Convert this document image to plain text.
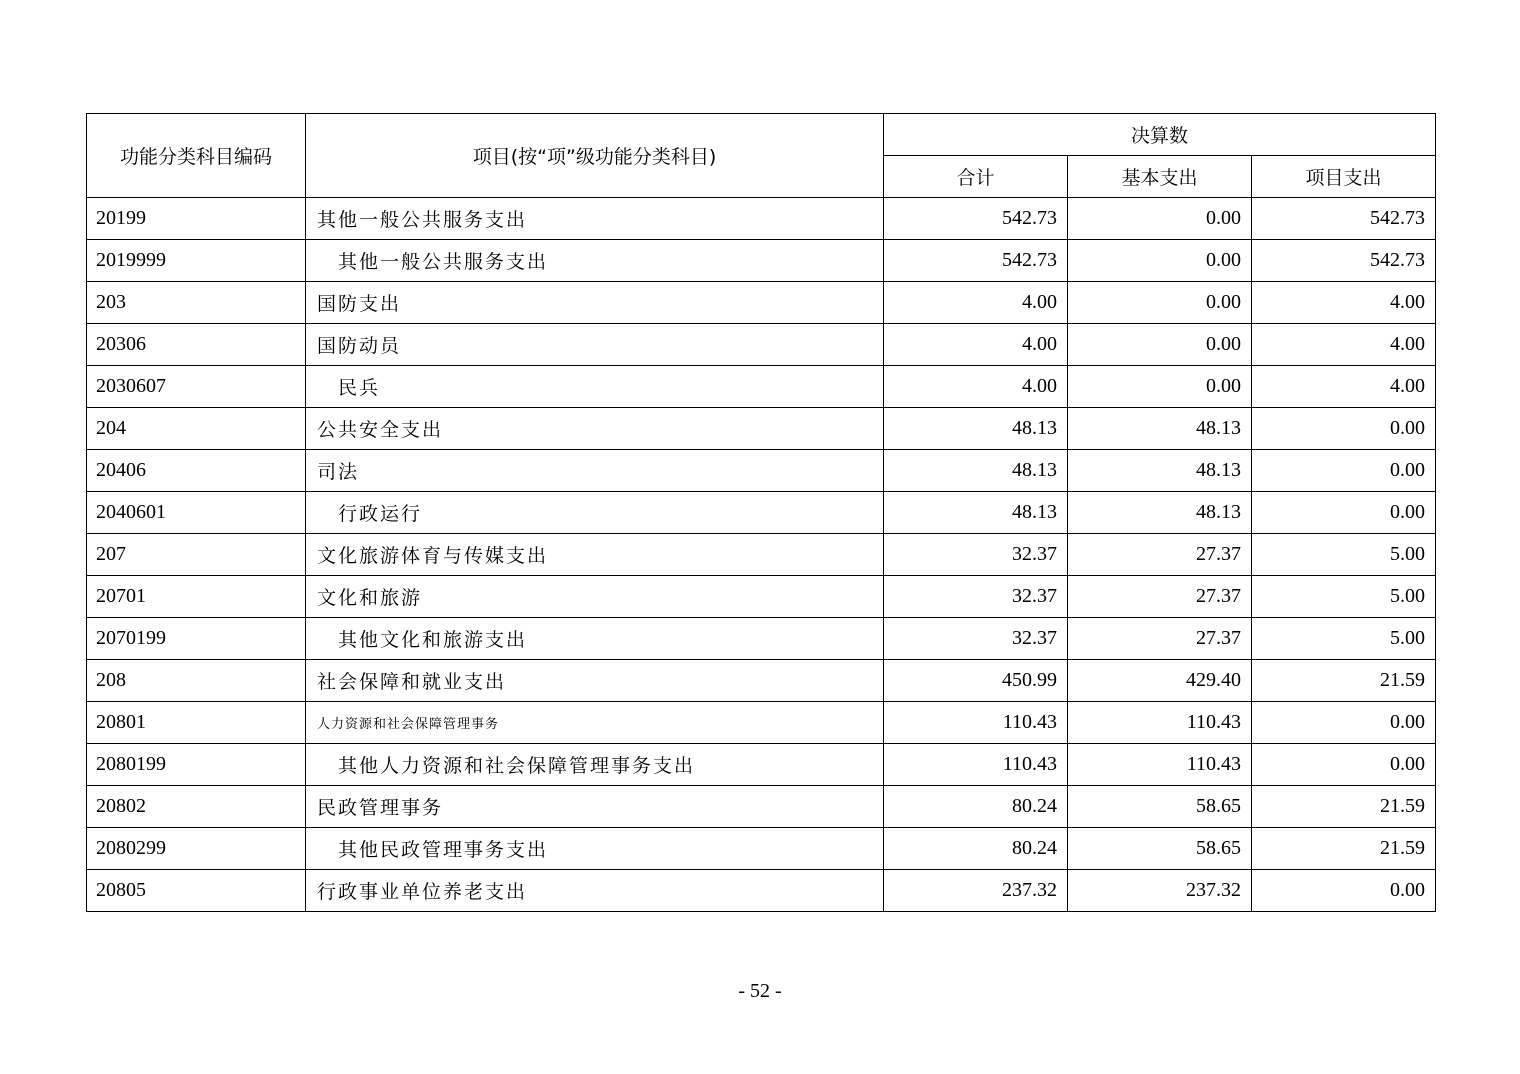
功能分类科目编码	项目(按“项”级功能分类科目)	决算数		
		合计	基本支出	项目支出
20199	其他一般公共服务支出	542.73	0.00	542.73
2019999	其他一般公共服务支出	542.73	0.00	542.73
203	国防支出	4.00	0.00	4.00
20306	国防动员	4.00	0.00	4.00
2030607	民兵	4.00	0.00	4.00
204	公共安全支出	48.13	48.13	0.00
20406	司法	48.13	48.13	0.00
2040601	行政运行	48.13	48.13	0.00
207	文化旅游体育与传媒支出	32.37	27.37	5.00
20701	文化和旅游	32.37	27.37	5.00
2070199	其他文化和旅游支出	32.37	27.37	5.00
208	社会保障和就业支出	450.99	429.40	21.59
20801	人力资源和社会保障管理事务	110.43	110.43	0.00
2080199	其他人力资源和社会保障管理事务支出	110.43	110.43	0.00
20802	民政管理事务	80.24	58.65	21.59
2080299	其他民政管理事务支出	80.24	58.65	21.59
20805	行政事业单位养老支出	237.32	237.32	0.00
- 52 -
